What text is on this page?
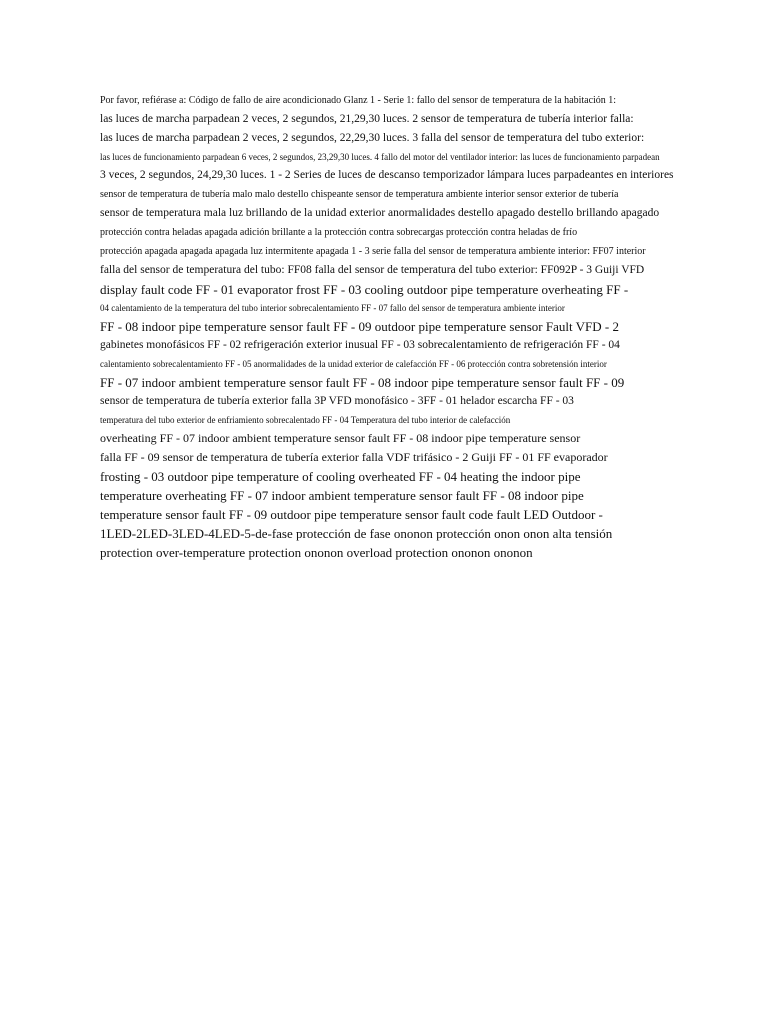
Por favor, refiérase a: Código de fallo de aire acondicionado Glanz 1 - Serie 1: fallo del sensor de temperatura de la habitación 1:
las luces de marcha parpadean 2 veces, 2 segundos, 21,29,30 luces. 2 sensor de temperatura de tubería interior falla:
las luces de marcha parpadean 2 veces, 2 segundos, 22,29,30 luces. 3 falla del sensor de temperatura del tubo exterior:
las luces de funcionamiento parpadean 6 veces, 2 segundos, 23,29,30 luces. 4 fallo del motor del ventilador interior: las luces de funcionamiento parpadean
3 veces, 2 segundos, 24,29,30 luces. 1 - 2 Series de luces de descanso temporizador lámpara luces parpadeantes en interiores
sensor de temperatura de tubería malo malo destello chispeante sensor de temperatura ambiente interior sensor exterior de tubería
sensor de temperatura mala luz brillando de la unidad exterior anormalidades destello apagado destello brillando apagado
protección contra heladas apagada adición brillante a la protección contra sobrecargas protección contra heladas de frío
protección apagada apagada apagada luz intermitente apagada 1 - 3 serie falla del sensor de temperatura ambiente interior: FF07 interior
falla del sensor de temperatura del tubo: FF08 falla del sensor de temperatura del tubo exterior: FF092P - 3 Guiji VFD
display fault code FF - 01 evaporator frost FF - 03 cooling outdoor pipe temperature overheating FF -
04 calentamiento de la temperatura del tubo interior sobrecalentamiento FF - 07 fallo del sensor de temperatura ambiente interior
FF - 08 indoor pipe temperature sensor fault FF - 09 outdoor pipe temperature sensor Fault VFD - 2
gabinetes monofásicos FF - 02 refrigeración exterior inusual FF - 03 sobrecalentamiento de refrigeración FF - 04
calentamiento sobrecalentamiento FF - 05 anormalidades de la unidad exterior de calefacción FF - 06 protección contra sobretensión interior
FF - 07 indoor ambient temperature sensor fault FF - 08 indoor pipe temperature sensor fault FF - 09
sensor de temperatura de tubería exterior falla 3P VFD monofásico - 3FF - 01 helador escarcha FF - 03
temperatura del tubo exterior de enfriamiento sobrecalentado FF - 04 Temperatura del tubo interior de calefacción
overheating FF - 07 indoor ambient temperature sensor fault FF - 08 indoor pipe temperature sensor
falla FF - 09 sensor de temperatura de tubería exterior falla VDF trifásico - 2 Guiji FF - 01 FF evaporador
frosting - 03 outdoor pipe temperature of cooling overheated FF - 04 heating the indoor pipe
temperature overheating FF - 07 indoor ambient temperature sensor fault FF - 08 indoor pipe
temperature sensor fault FF - 09 outdoor pipe temperature sensor fault code fault LED Outdoor -
1LED-2LED-3LED-4LED-5-de-fase protección de fase ononon protección onon onon alta tensión
protection over-temperature protection ononon overload protection ononon ononon
